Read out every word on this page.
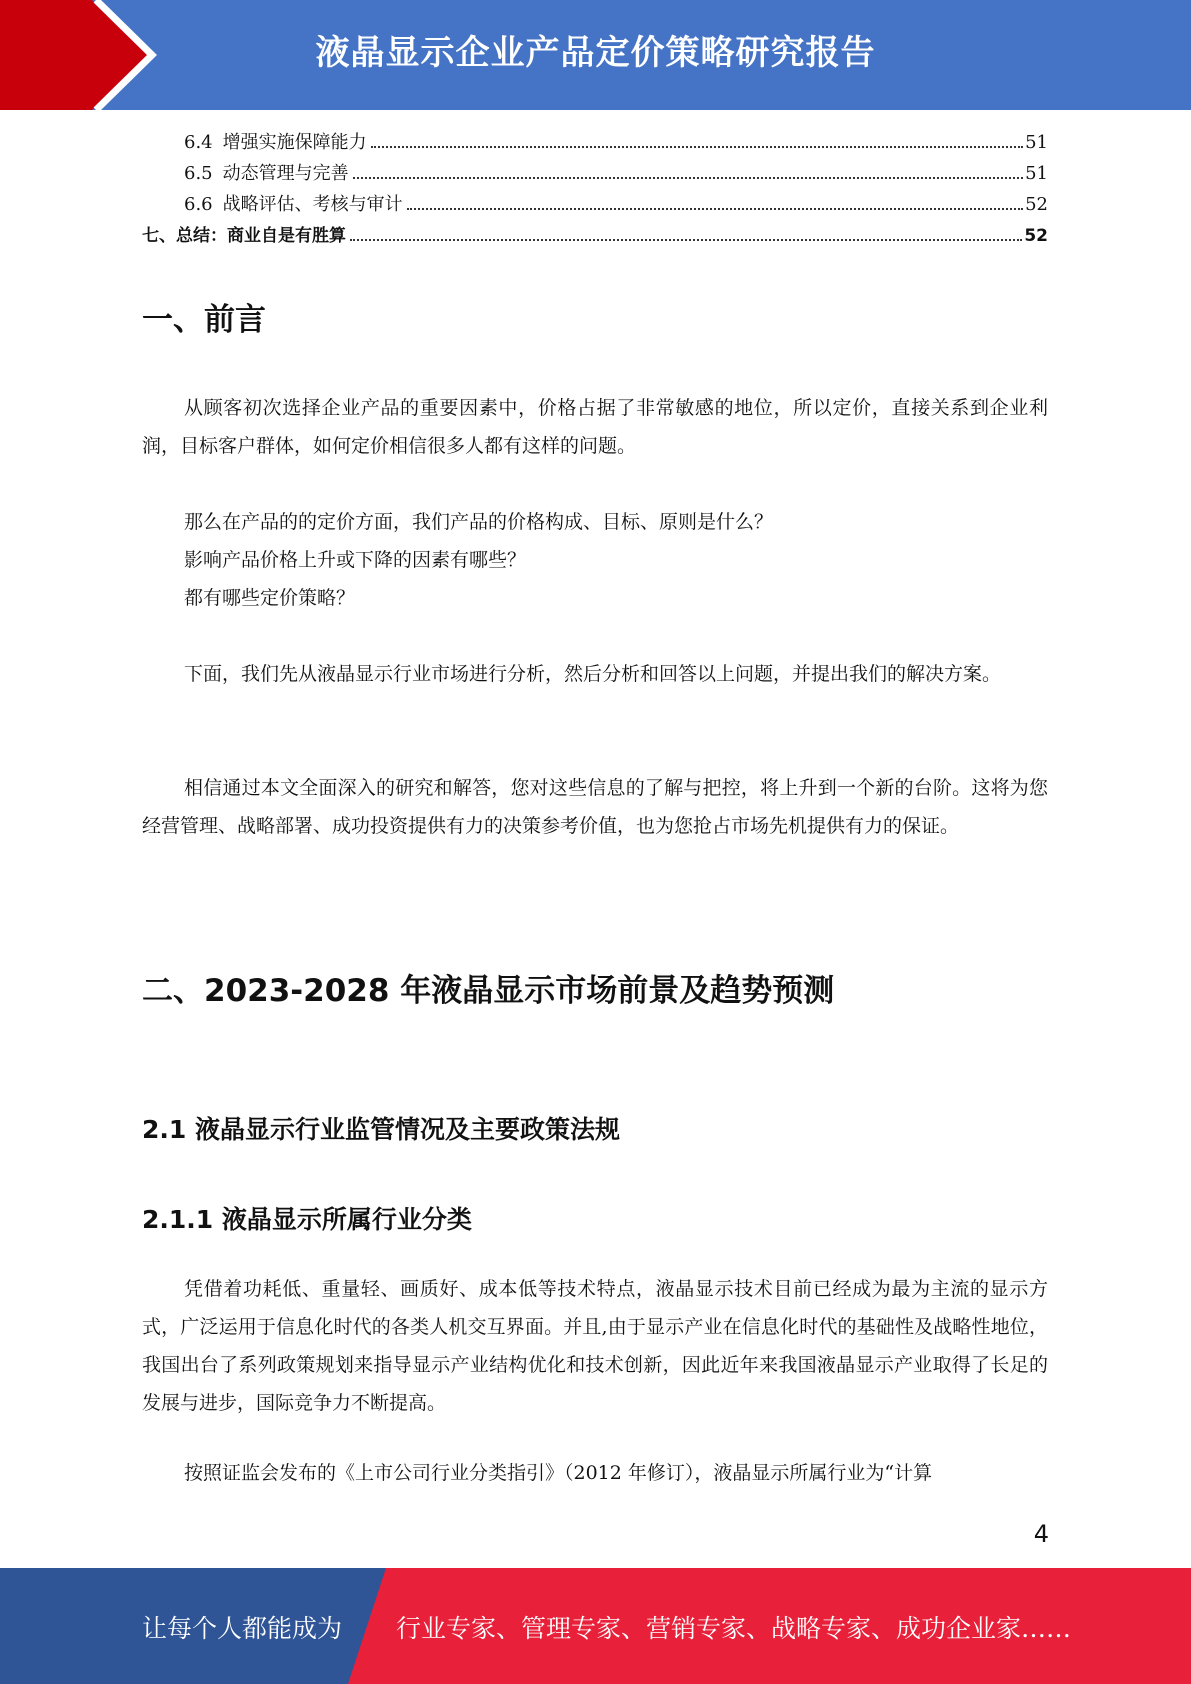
液晶显示企业产品定价策略研究报告
6.4 增强实施保障能力	51
6.5 动态管理与完善	51
6.6 战略评估、考核与审计	52
七、总结：商业自是有胜算	52
一、前言

从顾客初次选择企业产品的重要因素中，价格占据了非常敏感的地位，所以定价，直接关系到企业利润，目标客户群体，如何定价相信很多人都有这样的问题。

那么在产品的的定价方面，我们产品的价格构成、目标、原则是什么？
影响产品价格上升或下降的因素有哪些？
都有哪些定价策略？

下面，我们先从液晶显示行业市场进行分析，然后分析和回答以上问题，并提出我们的解决方案。

相信通过本文全面深入的研究和解答，您对这些信息的了解与把控，将上升到一个新的台阶。这将为您经营管理、战略部署、成功投资提供有力的决策参考价值，也为您抢占市场先机提供有力的保证。

二、2023-2028 年液晶显示市场前景及趋势预测
2.1 液晶显示行业监管情况及主要政策法规
2.1.1 液晶显示所属行业分类

凭借着功耗低、重量轻、画质好、成本低等技术特点，液晶显示技术目前已经成为最为主流的显示方式，广泛运用于信息化时代的各类人机交互界面。并且,由于显示产业在信息化时代的基础性及战略性地位，我国出台了系列政策规划来指导显示产业结构优化和技术创新，因此近年来我国液晶显示产业取得了长足的发展与进步，国际竞争力不断提高。

按照证监会发布的《上市公司行业分类指引》（2012 年修订），液晶显示所属行业为“计算

4
让每个人都能成为 行业专家、管理专家、营销专家、战略专家、成功企业家……
